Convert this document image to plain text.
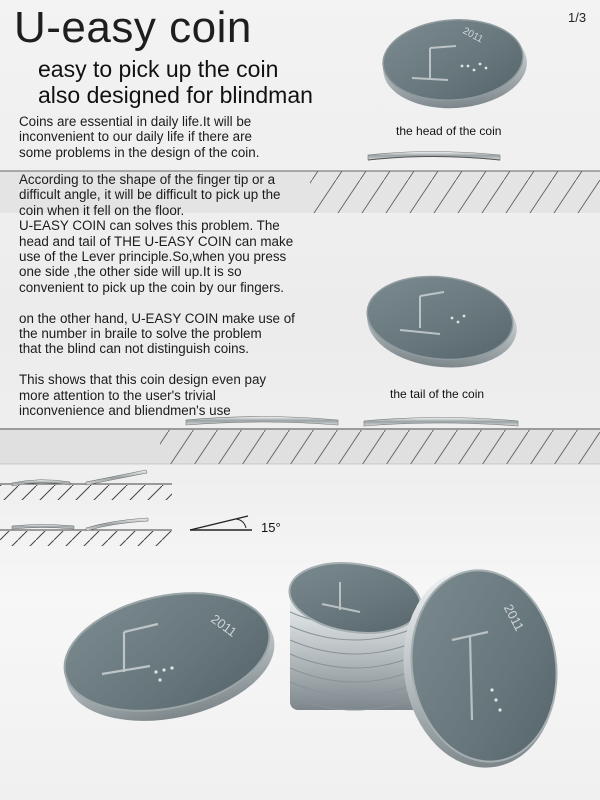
U-easy coin
easy to pick up the coin
also designed for blindman
1/3
2011
2011	2011
Coins are essential in daily life.It will be
inconvenient to our daily life if there are
some problems in the design of the coin.
According to the shape of the finger tip or a
difficult angle, it will be difficult to pick up the
coin when it fell on the floor.
U-EASY COIN can solves this problem. The
head and tail of THE U-EASY COIN can make
use of the Lever principle.So,when you press
one side ,the other side will up.It is so
convenient to pick up the coin by our fingers.
on the other hand, U-EASY COIN make use of
the number in braile to solve the problem
that the blind can not distinguish coins.
This shows that this coin design even pay
more attention to the user's trivial
inconvenience and bliendmen's use
the head of the coin
the tail of the coin
15°
